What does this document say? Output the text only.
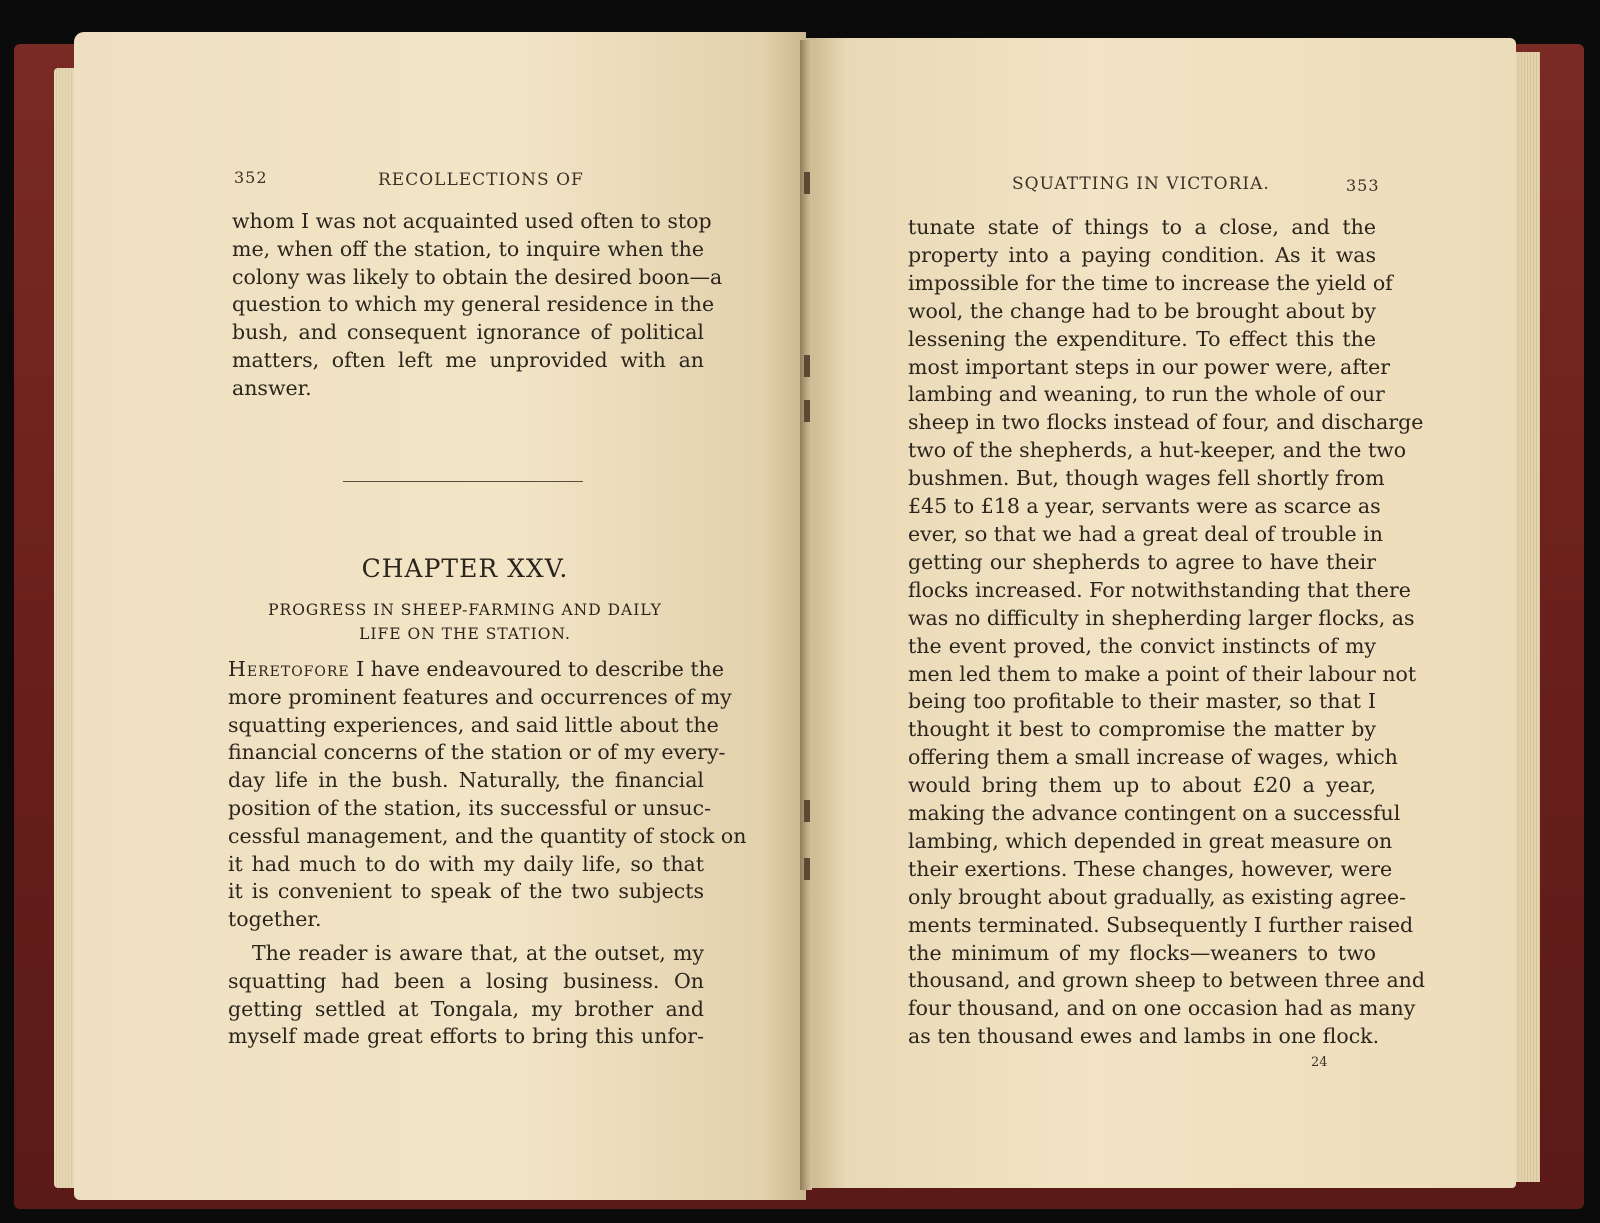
352	RECOLLECTIONS OF
whom I was not acquainted used often to stop
me, when off the station, to inquire when the
colony was likely to obtain the desired boon—a
question to which my general residence in the
bush, and consequent ignorance of political
matters, often left me unprovided with an
answer.
CHAPTER XXV.
PROGRESS IN SHEEP-FARMING AND DAILY
LIFE ON THE STATION.
Heretofore I have endeavoured to describe the
more prominent features and occurrences of my
squatting experiences, and said little about the
financial concerns of the station or of my every-
day life in the bush. Naturally, the financial
position of the station, its successful or unsuc-
cessful management, and the quantity of stock on
it had much to do with my daily life, so that
it is convenient to speak of the two subjects
together.
The reader is aware that, at the outset, my
squatting had been a losing business. On
getting settled at Tongala, my brother and
myself made great efforts to bring this unfor-
SQUATTING IN VICTORIA.	353
tunate state of things to a close, and the
property into a paying condition. As it was
impossible for the time to increase the yield of
wool, the change had to be brought about by
lessening the expenditure. To effect this the
most important steps in our power were, after
lambing and weaning, to run the whole of our
sheep in two flocks instead of four, and discharge
two of the shepherds, a hut-keeper, and the two
bushmen. But, though wages fell shortly from
£45 to £18 a year, servants were as scarce as
ever, so that we had a great deal of trouble in
getting our shepherds to agree to have their
flocks increased. For notwithstanding that there
was no difficulty in shepherding larger flocks, as
the event proved, the convict instincts of my
men led them to make a point of their labour not
being too profitable to their master, so that I
thought it best to compromise the matter by
offering them a small increase of wages, which
would bring them up to about £20 a year,
making the advance contingent on a successful
lambing, which depended in great measure on
their exertions. These changes, however, were
only brought about gradually, as existing agree-
ments terminated. Subsequently I further raised
the minimum of my flocks—weaners to two
thousand, and grown sheep to between three and
four thousand, and on one occasion had as many
as ten thousand ewes and lambs in one flock.
24
